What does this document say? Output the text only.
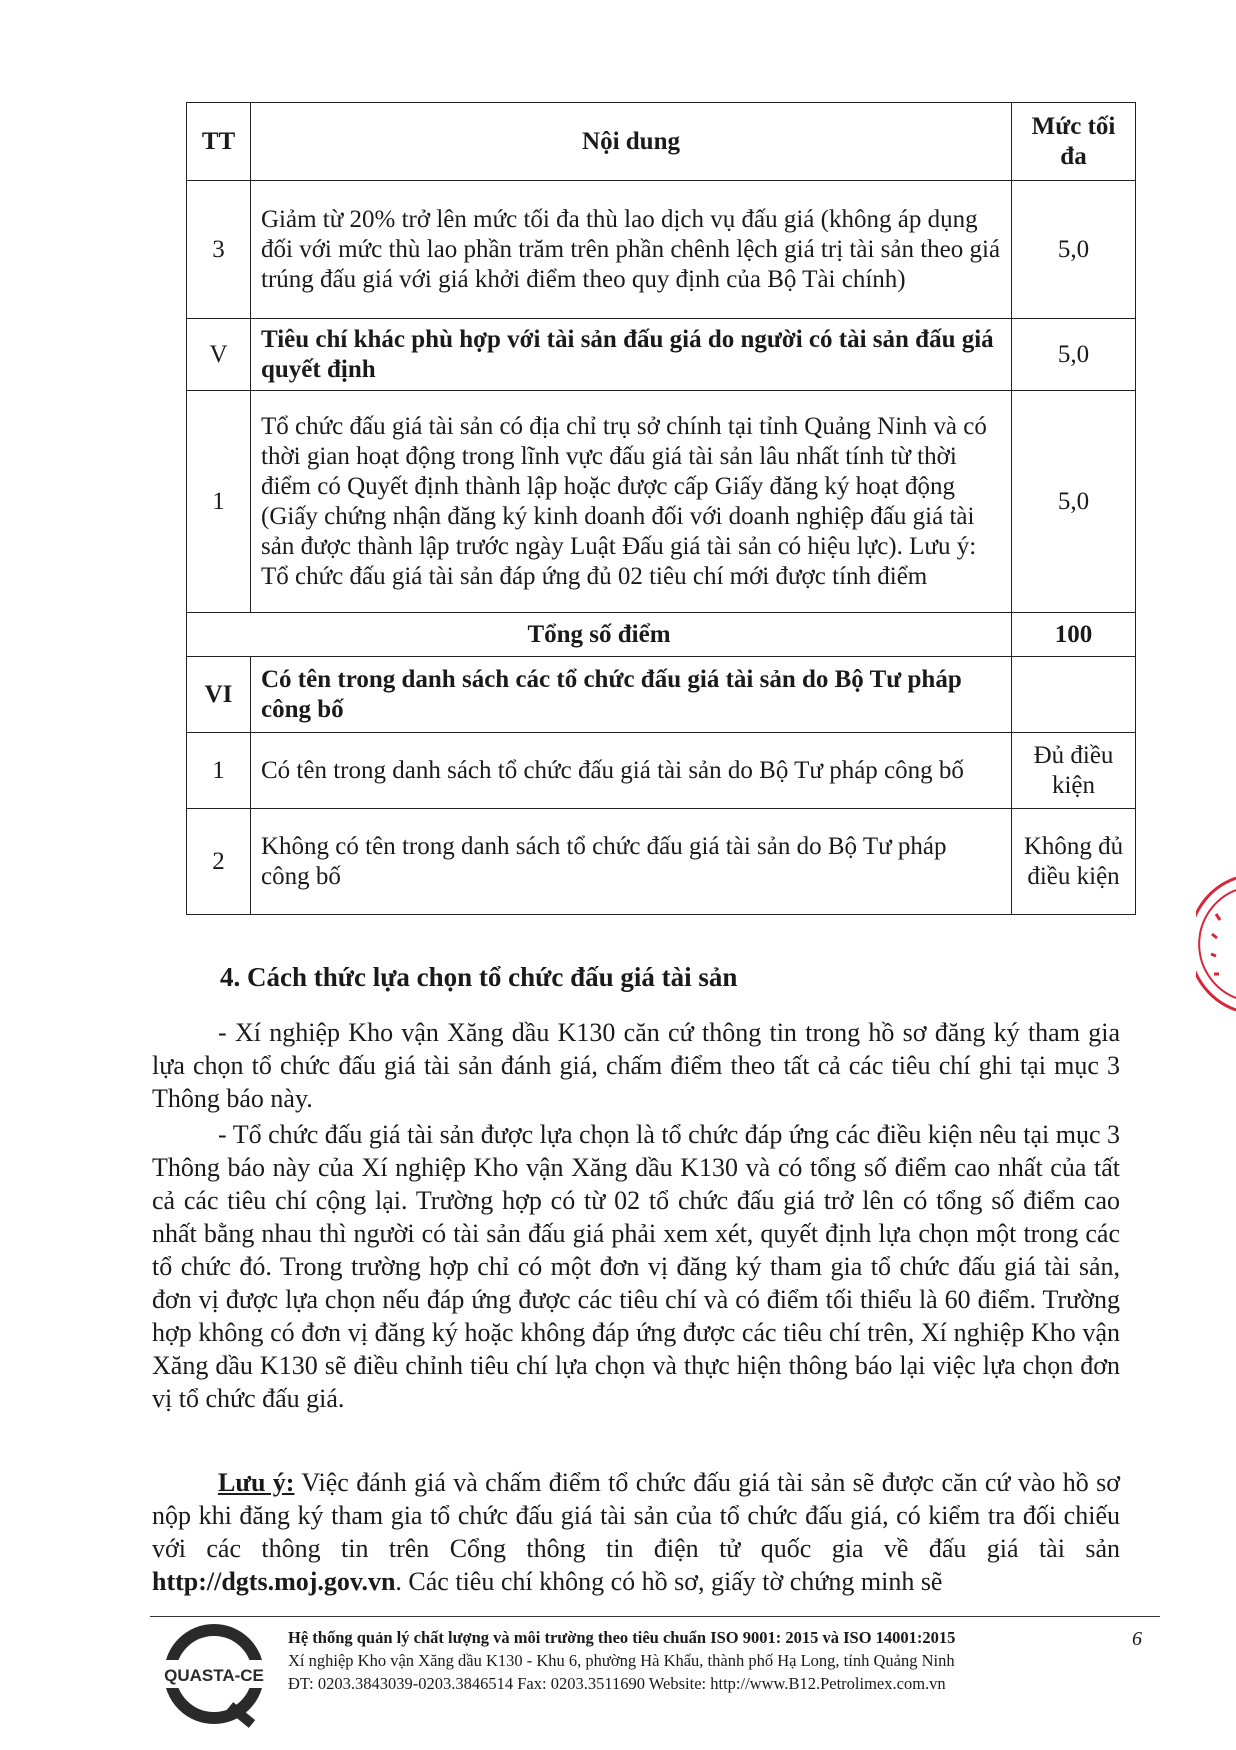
TT	Nội dung	Mức tối đa
3	Giảm từ 20% trở lên mức tối đa thù lao dịch vụ đấu giá (không áp dụng đối với mức thù lao phần trăm trên phần chênh lệch giá trị tài sản theo giá trúng đấu giá với giá khởi điểm theo quy định của Bộ Tài chính)	5,0
V	Tiêu chí khác phù hợp với tài sản đấu giá do người có tài sản đấu giá quyết định	5,0
1	Tổ chức đấu giá tài sản có địa chỉ trụ sở chính tại tỉnh Quảng Ninh và có thời gian hoạt động trong lĩnh vực đấu giá tài sản lâu nhất tính từ thời điểm có Quyết định thành lập hoặc được cấp Giấy đăng ký hoạt động (Giấy chứng nhận đăng ký kinh doanh đối với doanh nghiệp đấu giá tài sản được thành lập trước ngày Luật Đấu giá tài sản có hiệu lực). Lưu ý: Tổ chức đấu giá tài sản đáp ứng đủ 02 tiêu chí mới được tính điểm	5,0
Tổng số điểm		100
VI	Có tên trong danh sách các tổ chức đấu giá tài sản do Bộ Tư pháp công bố	
1	Có tên trong danh sách tổ chức đấu giá tài sản do Bộ Tư pháp công bố	Đủ điều kiện
2	Không có tên trong danh sách tổ chức đấu giá tài sản do Bộ Tư pháp công bố	Không đủ điều kiện
4. Cách thức lựa chọn tổ chức đấu giá tài sản
- Xí nghiệp Kho vận Xăng dầu K130 căn cứ thông tin trong hồ sơ đăng ký tham gia lựa chọn tổ chức đấu giá tài sản đánh giá, chấm điểm theo tất cả các tiêu chí ghi tại mục 3 Thông báo này.
- Tổ chức đấu giá tài sản được lựa chọn là tổ chức đáp ứng các điều kiện nêu tại mục 3 Thông báo này của Xí nghiệp Kho vận Xăng dầu K130 và có tổng số điểm cao nhất của tất cả các tiêu chí cộng lại. Trường hợp có từ 02 tổ chức đấu giá trở lên có tổng số điểm cao nhất bằng nhau thì người có tài sản đấu giá phải xem xét, quyết định lựa chọn một trong các tổ chức đó. Trong trường hợp chỉ có một đơn vị đăng ký tham gia tổ chức đấu giá tài sản, đơn vị được lựa chọn nếu đáp ứng được các tiêu chí và có điểm tối thiểu là 60 điểm. Trường hợp không có đơn vị đăng ký hoặc không đáp ứng được các tiêu chí trên, Xí nghiệp Kho vận Xăng dầu K130 sẽ điều chỉnh tiêu chí lựa chọn và thực hiện thông báo lại việc lựa chọn đơn vị tổ chức đấu giá.
Lưu ý: Việc đánh giá và chấm điểm tổ chức đấu giá tài sản sẽ được căn cứ vào hồ sơ nộp khi đăng ký tham gia tổ chức đấu giá tài sản của tổ chức đấu giá, có kiểm tra đối chiếu với các thông tin trên Cổng thông tin điện tử quốc gia về đấu giá tài sản http://dgts.moj.gov.vn. Các tiêu chí không có hồ sơ, giấy tờ chứng minh sẽ
QUASTA-CE
Hệ thống quản lý chất lượng và môi trường theo tiêu chuẩn ISO 9001: 2015 và ISO 14001:2015
Xí nghiệp Kho vận Xăng dầu K130 - Khu 6, phường Hà Khẩu, thành phố Hạ Long, tỉnh Quảng Ninh
ĐT: 0203.3843039-0203.3846514 Fax: 0203.3511690 Website: http://www.B12.Petrolimex.com.vn
6
